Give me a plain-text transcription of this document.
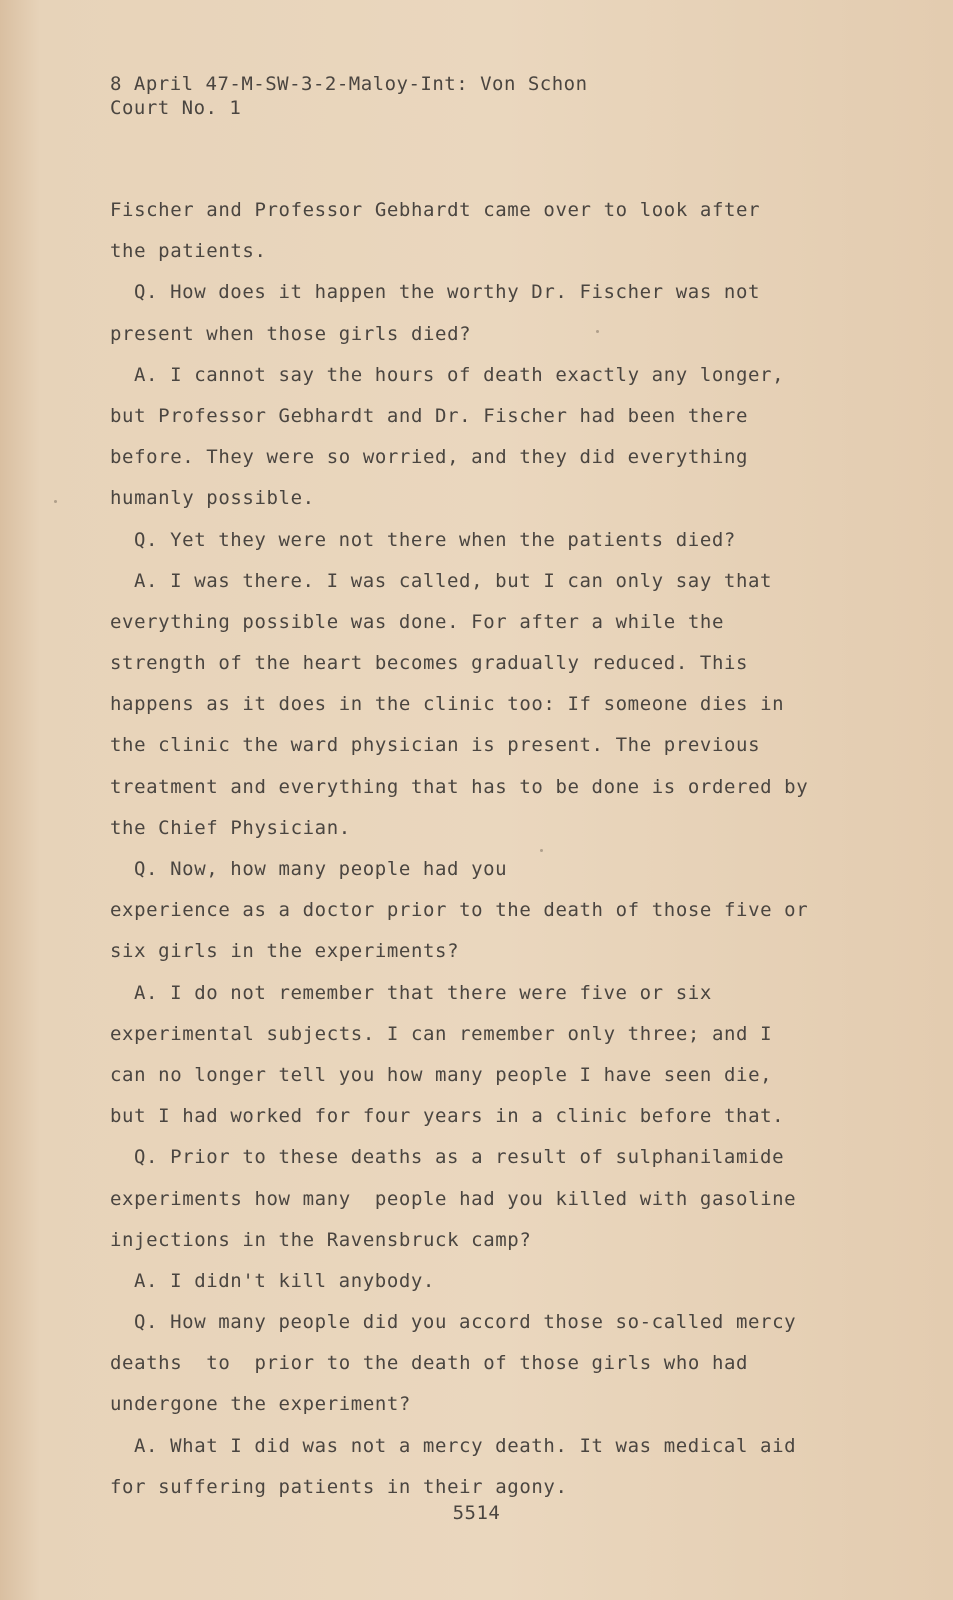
8 April 47-M-SW-3-2-Maloy-Int: Von Schon
Court No. 1
Fischer and Professor Gebhardt came over to look after
the patients.
Q. How does it happen the worthy Dr. Fischer was not
present when those girls died?
A. I cannot say the hours of death exactly any longer,
but Professor Gebhardt and Dr. Fischer had been there
before. They were so worried, and they did everything
humanly possible.
Q. Yet they were not there when the patients died?
A. I was there. I was called, but I can only say that
everything possible was done. For after a while the
strength of the heart becomes gradually reduced. This
happens as it does in the clinic too: If someone dies in
the clinic the ward physician is present. The previous
treatment and everything that has to be done is ordered by
the Chief Physician.
Q. Now, how many people had you
experience as a doctor prior to the death of those five or
six girls in the experiments?
A. I do not remember that there were five or six
experimental subjects. I can remember only three; and I
can no longer tell you how many people I have seen die,
but I had worked for four years in a clinic before that.
Q. Prior to these deaths as a result of sulphanilamide
experiments how many  people had you killed with gasoline
injections in the Ravensbruck camp?
A. I didn't kill anybody.
Q. How many people did you accord those so-called mercy
deaths  to  prior to the death of those girls who had
undergone the experiment?
A. What I did was not a mercy death. It was medical aid
for suffering patients in their agony.
5514
